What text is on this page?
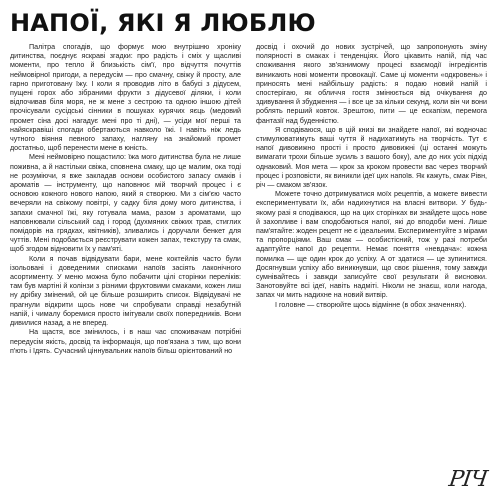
НАПОЇ, ЯКІ Я ЛЮБЛЮ

Палітра спогадів, що формує мою внутрішню хроніку дитинства, поєднує яскраві згадки: про радість і сміх у щасливі моменти, про тепло й близькість сім'ї, про відчуття почуттів неймовірної пригоди, а передусім — про смачну, свіжу й просту, але гарно приготовану їжу. І коли я проводив літо в бабусі з дідусем, пущені горох або зібраними фрукти з дідусевої діляки, і коли відпочивав біля моря, не ж мене з сестрою та одною іншою дітей прочісували сусідські сінники в пошуках курячих яєць (медовий промет сіна досі нагадує мені про ті дні), — усіди мої перші та найяскравіші спогади обертаються навколо їжі. І навіть ніж ледь чутного віяння певного запаху, нагляну на знайомий промет достатньо, щоб перенести мене в юність.

Мені неймовірно пощастило: їжа мого дитинства була не лише поживна, а й настільки свіжа, сповнена смаку, що це малим, ока тоді не розуміючи, я вже закладав основи особистого запасу смаків і ароматів — інструменту, що наповнює мій творчий процес і є основою кожного нового напою, який я створюю. Ми з сім'єю часто вечеряли на свіжому повітрі, у садку біля дому мого дитинства, і запахи смачної їжі, яку готувала мама, разом з ароматами, що наповнювали сільський сад і город (духмяних свіжих трав, стиглих помідорів на грядках, квітників), зливались і доручали бенкет для чуттів. Мені подобається реєструвати кожен запах, текстуру та смак, щоб згодом відновити їх у пам'яті.

Коли я почав відвідувати бари, мене коктейлів часто були ізольовані і доведеними списками напоїв засіять лаконічного асортименту. У меню можна було побачити цілі сторінки переліків: там був мартіні й колінзи з різними фруктовими смаками, кожен лиш ну дрібку змінений, ой це більше розширить список. Відвідувачі не прагнули відкрити щось нове чи спробувати справді незабутній напій, і чималу боремися просто імітували своїх попередників. Вони дивилися назад, а не вперед.

На щастя, все змінилось, і в наш час споживачам потрібні передусім якість, досвід та інформація, що пов'язана з тим, що вони п'ють і їдять. Сучасний ціннувальник напоїв більш орієнтований но

досвід і охочий до нових зустрічей, що запропонують зміну полярності в смаках і тенденціях. Його цікавить напій, під час споживання якого зв'язнимому процесі взаємодії інгредієнтів виникають нові моменти провокації. Саме ці моменти «одкровень» і приносять мені найбільшу радість: я подаю новий напій і спостерігаю, як обличчя гостя змінюється від очікування до здивування й збудження — і все це за кільки секунд, коли він чи вони роблять перший ковток. Зрештою, пити — це ескапізм, перемога фантазії над буденністю.

Я сподіваюся, що в цій книзі ви знайдете напої, які водночас стимулюватимуть ваші чуття й надихатимуть на творчість. Тут є напої дивовижно прості і просто дивовижні (ці останні можуть вимагати трохи більше зусиль з вашого боку), але до них усіх підхід однаковий. Моя мета — крок за кроком провести вас через творчий процес і розповісти, як виникли ідеї цих напоїв. Як кажуть, смак Рівн, річ — смаком зв'язок.

Можете точно дотримуватися моїх рецептів, а можете вивести експериментувати їх, аби надихнутися на власні витвори. У будь-якому разі я сподіваюся, що на цих сторінках ви знайдете щось нове й захопливе і вам сподобаються напої, які до вподоби мені. Лише пам'ятайте: жоден рецепт не є ідеальним. Експериментуйте з мірами та пропорціями. Ваш смак — особистісний, тож у разі потреби адаптуйте напої до рецепти. Немає поняття «невдача»: кожна помилка — ще один крок до успіху. А от здатися — це зупинитися. Досягнувши успіху або виникнувши, що своє рішення, тому завжди сумнівайтесь і завжди записуйте свої результати й висновки. Занотовуйте всі ідеї, навіть надміті. Ніколи не знаєш, коли нагода, запах чи мить надихне на новий витвір.

І головне — створюйте щось відмінне (в обох значеннях).

РІЧ
